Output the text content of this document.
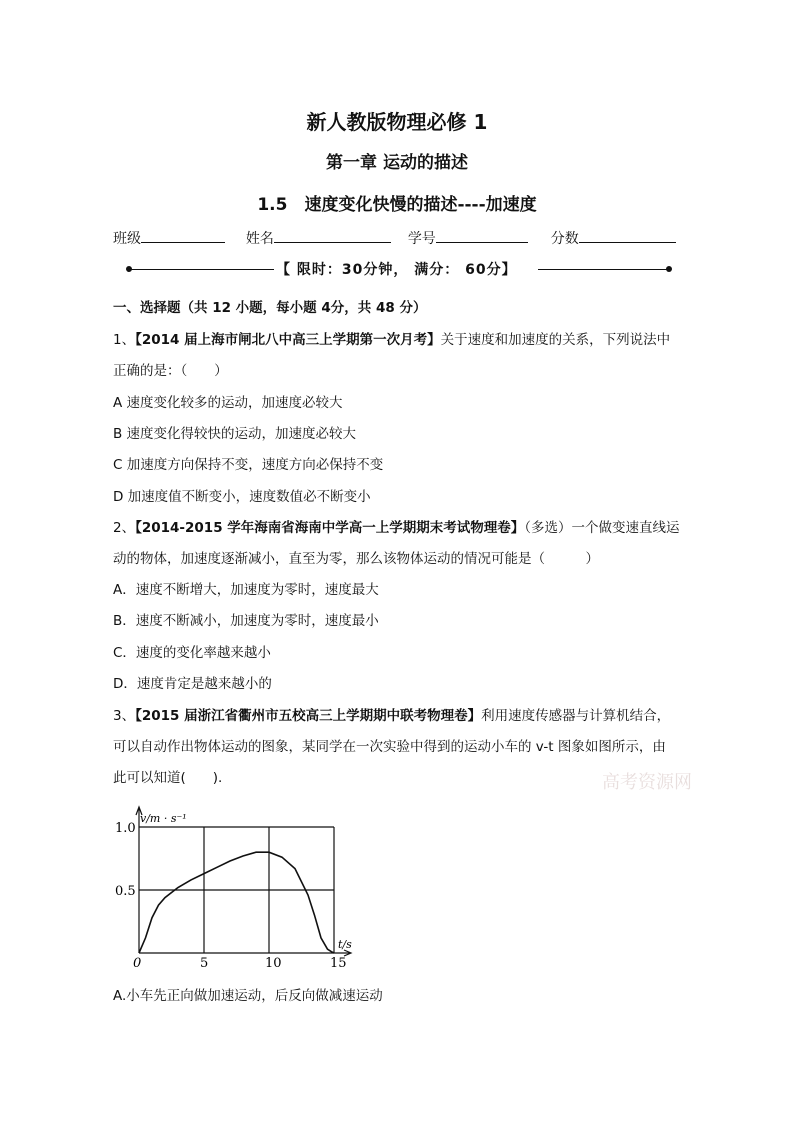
新人教版物理必修 1
第一章 运动的描述
1.5　速度变化快慢的描述----加速度
班级	姓名	学号	分数
【 限时：30分钟， 满分： 60分】
一、选择题（共 12 小题，每小题 4分，共 48 分）
1、【2014 届上海市闸北八中高三上学期第一次月考】关于速度和加速度的关系，下列说法中
正确的是：（　　）
A 速度变化较多的运动，加速度必较大
B 速度变化得较快的运动，加速度必较大
C 加速度方向保持不变，速度方向必保持不变
D 加速度值不断变小，速度数值必不断变小
2、【2014-2015 学年海南省海南中学高一上学期期末考试物理卷】（多选）一个做变速直线运
动的物体，加速度逐渐减小，直至为零，那么该物体运动的情况可能是（　　　）
A．速度不断增大，加速度为零时，速度最大
B．速度不断减小，加速度为零时，速度最小
C．速度的变化率越来越小
D．速度肯定是越来越小的
3、【2015 届浙江省衢州市五校高三上学期期中联考物理卷】利用速度传感器与计算机结合，
可以自动作出物体运动的图象，某同学在一次实验中得到的运动小车的 v-t 图象如图所示，由
此可以知道(　　).	高考资源网
0	5	10	15
0.5
1.0
v/m · s⁻¹
t/s
A.小车先正向做加速运动，后反向做减速运动
